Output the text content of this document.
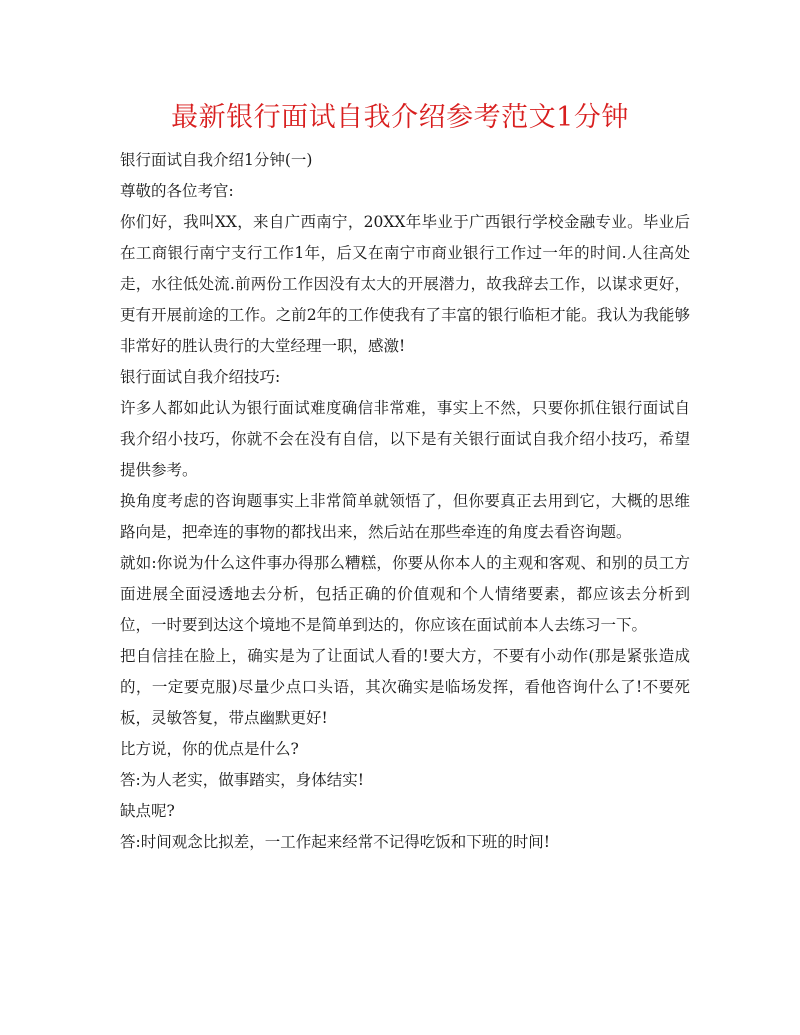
最新银行面试自我介绍参考范文1分钟

银行面试自我介绍1分钟(一)

尊敬的各位考官:

你们好，我叫XX，来自广西南宁，20XX年毕业于广西银行学校金融专业。毕业后在工商银行南宁支行工作1年，后又在南宁市商业银行工作过一年的时间.人往高处走，水往低处流.前两份工作因没有太大的开展潜力，故我辞去工作，以谋求更好，更有开展前途的工作。之前2年的工作使我有了丰富的银行临柜才能。我认为我能够非常好的胜认贵行的大堂经理一职，感激!

银行面试自我介绍技巧:

许多人都如此认为银行面试难度确信非常难，事实上不然，只要你抓住银行面试自我介绍小技巧，你就不会在没有自信，以下是有关银行面试自我介绍小技巧，希望提供参考。

换角度考虑的咨询题事实上非常简单就领悟了，但你要真正去用到它，大概的思维路向是，把牵连的事物的都找出来，然后站在那些牵连的角度去看咨询题。

就如:你说为什么这件事办得那么糟糕，你要从你本人的主观和客观、和别的员工方面进展全面浸透地去分析，包括正确的价值观和个人情绪要素，都应该去分析到位，一时要到达这个境地不是简单到达的，你应该在面试前本人去练习一下。

把自信挂在脸上，确实是为了让面试人看的!要大方，不要有小动作(那是紧张造成的，一定要克服)尽量少点口头语，其次确实是临场发挥，看他咨询什么了!不要死板，灵敏答复，带点幽默更好!

比方说，你的优点是什么?

答:为人老实，做事踏实，身体结实!

缺点呢?

答:时间观念比拟差，一工作起来经常不记得吃饭和下班的时间!
